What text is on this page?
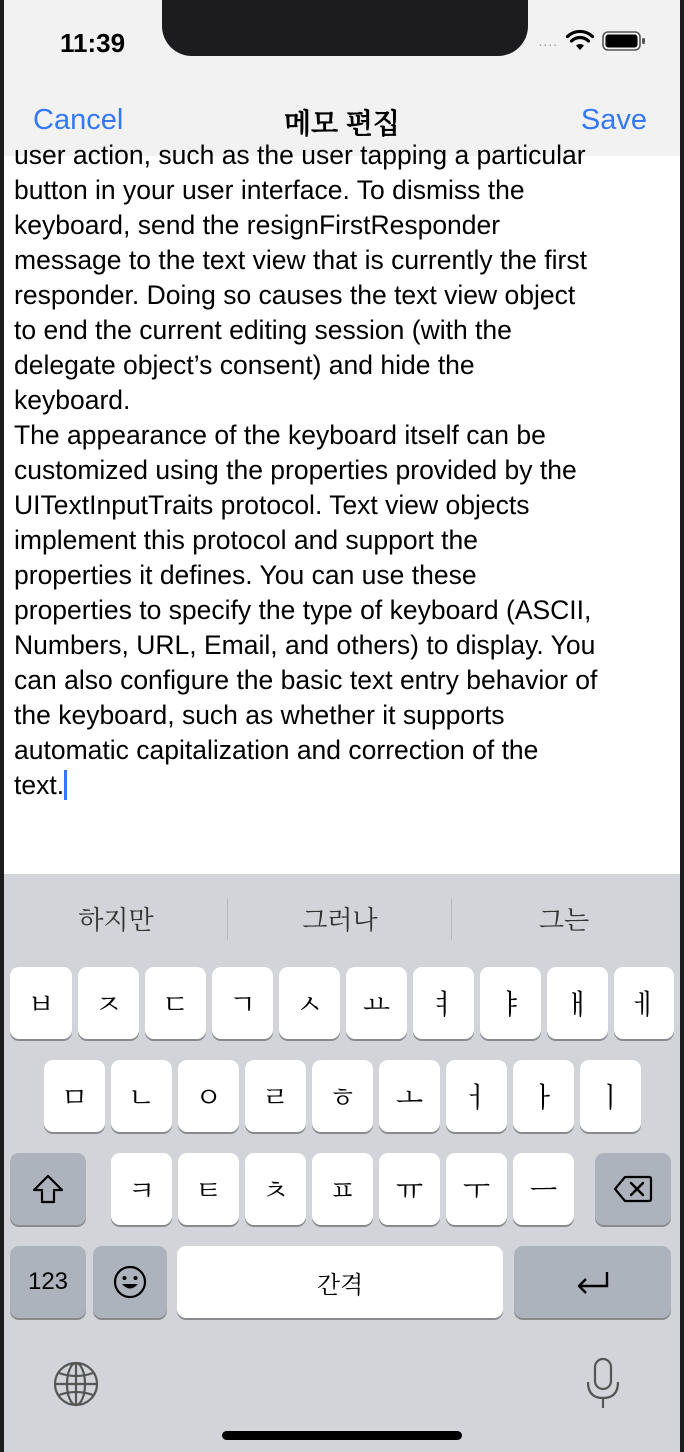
11:39	....
Cancel	메모 편집	Save
user action, such as the user tapping a particular
button in your user interface. To dismiss the
keyboard, send the resignFirstResponder
message to the text view that is currently the first
responder. Doing so causes the text view object
to end the current editing session (with the
delegate object’s consent) and hide the
keyboard.
The appearance of the keyboard itself can be
customized using the properties provided by the
UITextInputTraits protocol. Text view objects
implement this protocol and support the
properties it defines. You can use these
properties to specify the type of keyboard (ASCII,
Numbers, URL, Email, and others) to display. You
can also configure the basic text entry behavior of
the keyboard, such as whether it supports
automatic capitalization and correction of the
text.
하지만	그러나	그는
ㅂ	ㅈ	ㄷ	ㄱ	ㅅ	ㅛ	ㅕ	ㅑ	ㅐ	ㅔ
ㅁ	ㄴ	ㅇ	ㄹ	ㅎ	ㅗ	ㅓ	ㅏ	ㅣ
ㅋ	ㅌ	ㅊ	ㅍ	ㅠ	ㅜ	ㅡ
123	간격
